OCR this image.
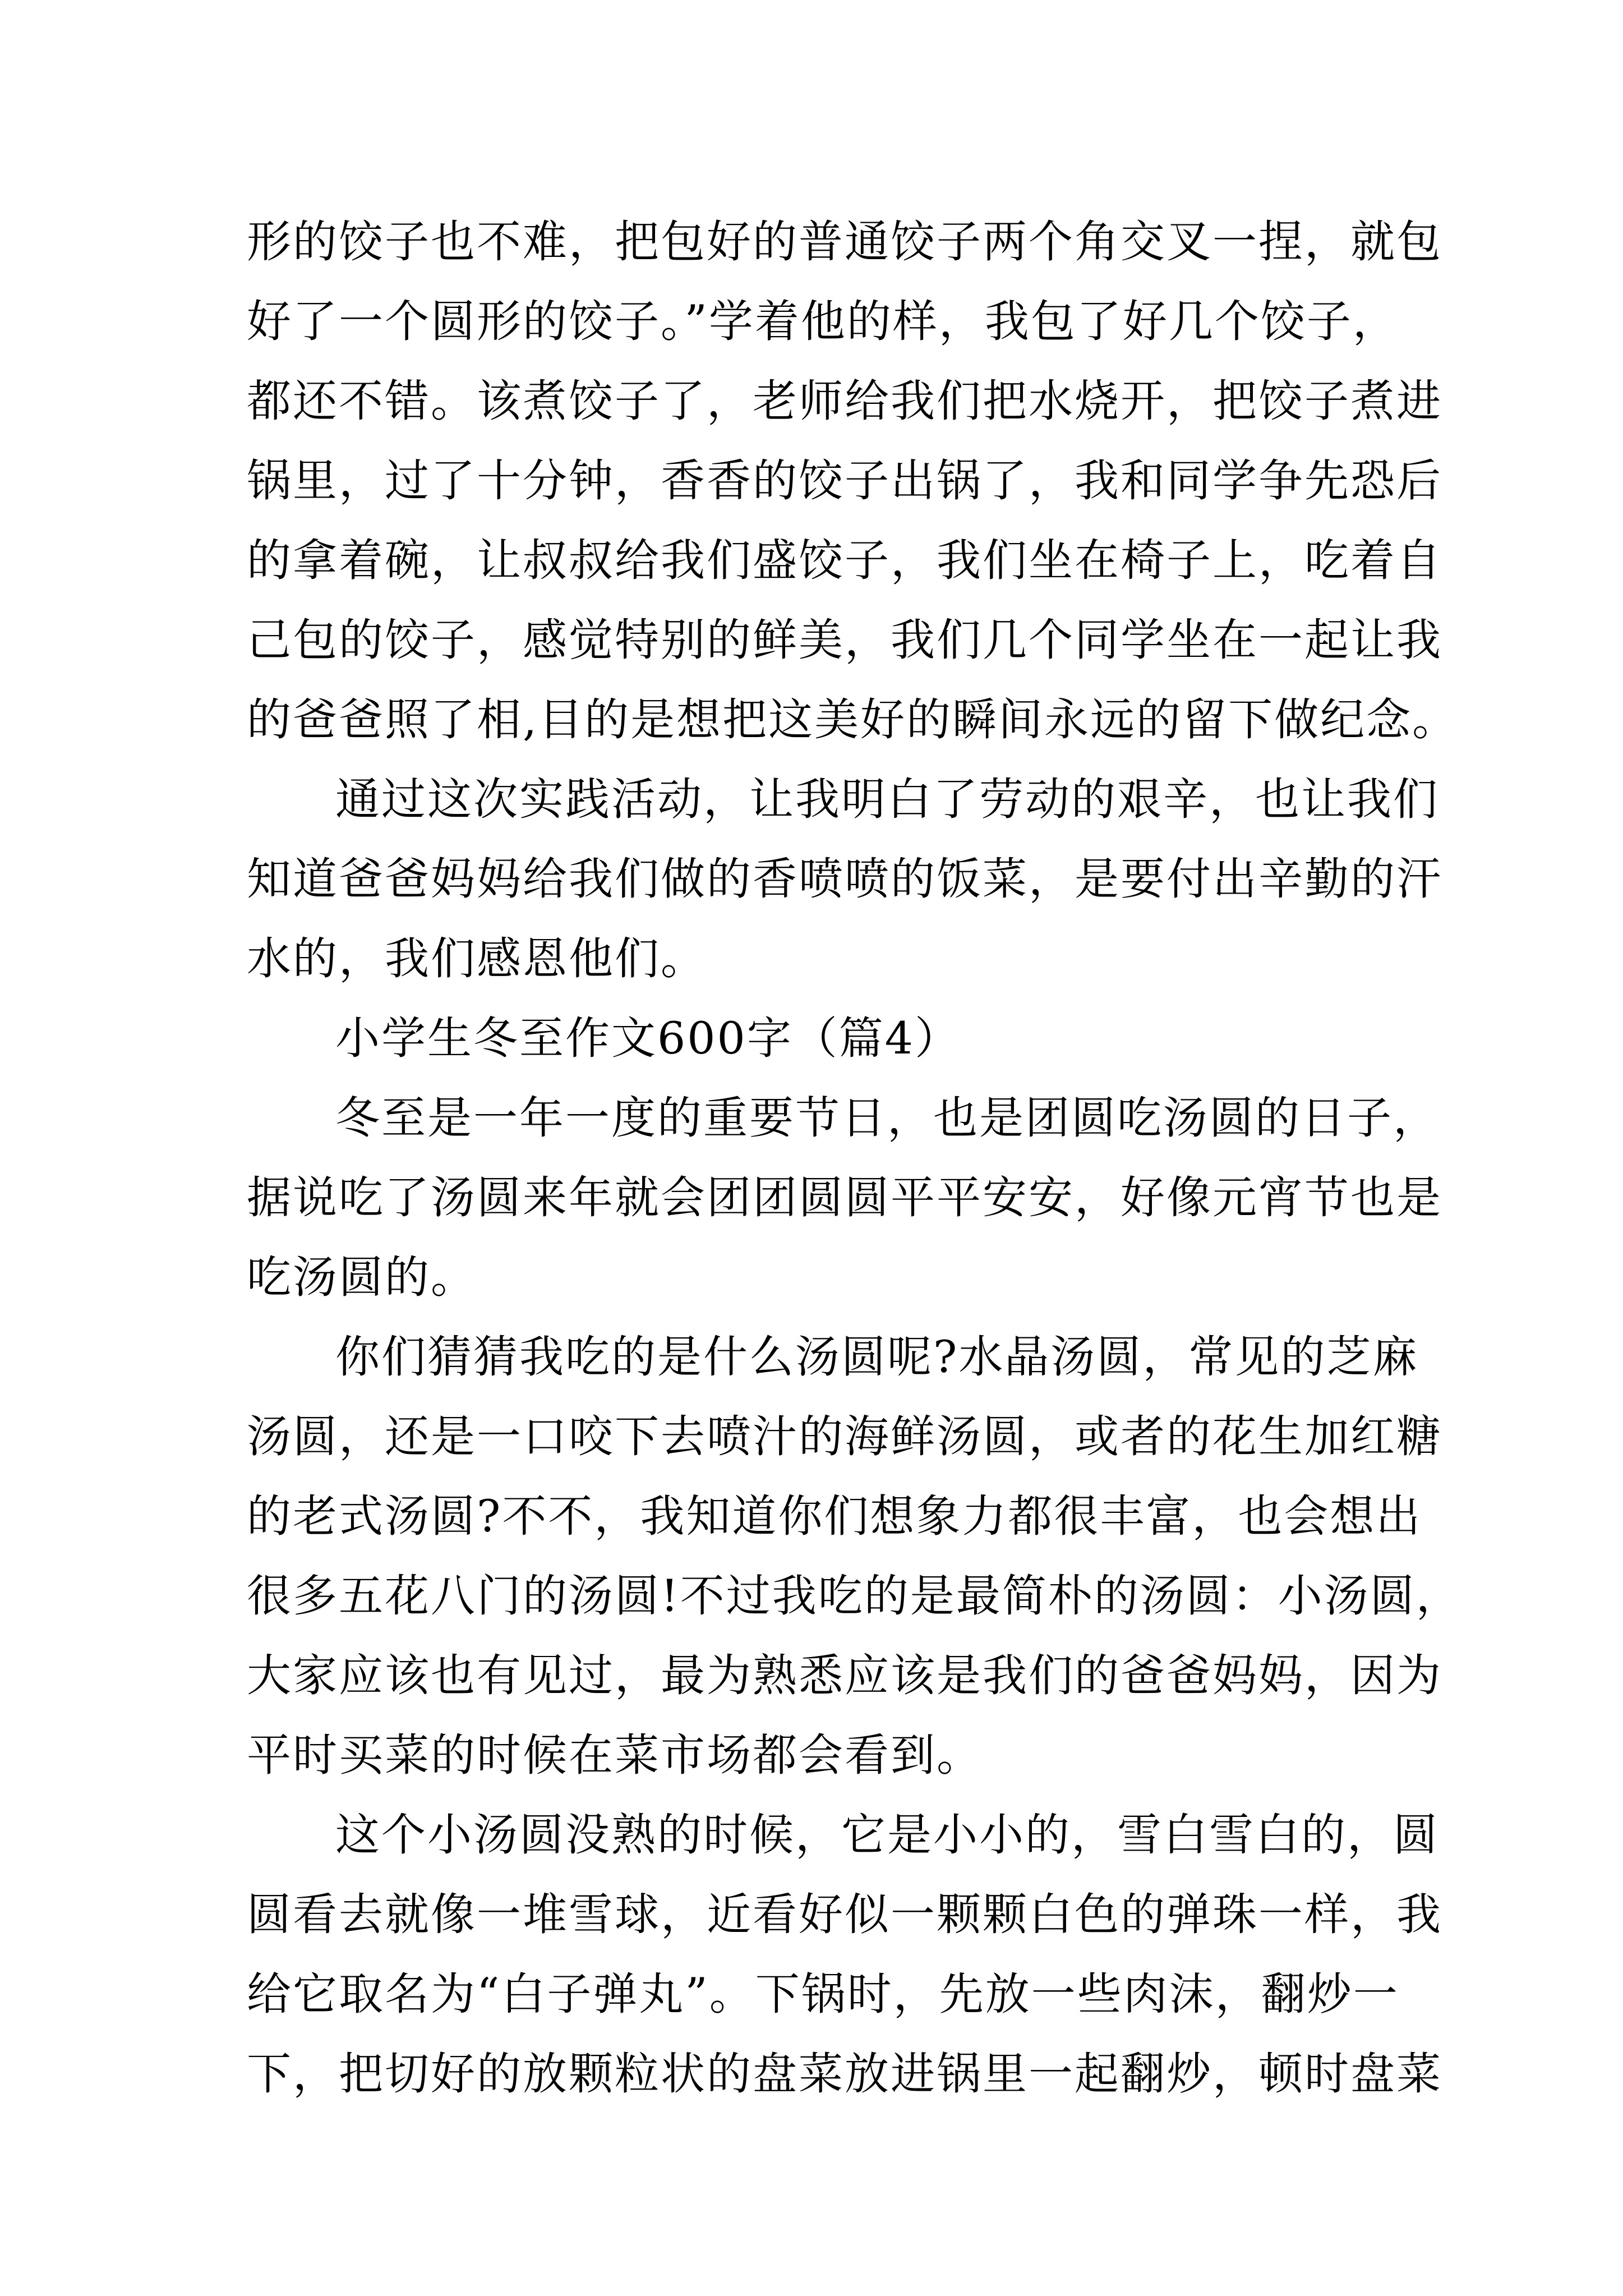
形的饺子也不难，把包好的普通饺子两个角交叉一捏，就包
好了一个圆形的饺子。”学着他的样，我包了好几个饺子，
都还不错。该煮饺子了，老师给我们把水烧开，把饺子煮进
锅里，过了十分钟，香香的饺子出锅了，我和同学争先恐后
的拿着碗，让叔叔给我们盛饺子，我们坐在椅子上，吃着自
己包的饺子，感觉特别的鲜美，我们几个同学坐在一起让我
的爸爸照了相,目的是想把这美好的瞬间永远的留下做纪念。
通过这次实践活动，让我明白了劳动的艰辛，也让我们
知道爸爸妈妈给我们做的香喷喷的饭菜，是要付出辛勤的汗
水的，我们感恩他们。
小学生冬至作文600字（篇4）
冬至是一年一度的重要节日，也是团圆吃汤圆的日子，
据说吃了汤圆来年就会团团圆圆平平安安，好像元宵节也是
吃汤圆的。
你们猜猜我吃的是什么汤圆呢?水晶汤圆，常见的芝麻
汤圆，还是一口咬下去喷汁的海鲜汤圆，或者的花生加红糖
的老式汤圆?不不，我知道你们想象力都很丰富，也会想出
很多五花八门的汤圆!不过我吃的是最简朴的汤圆：小汤圆，
大家应该也有见过，最为熟悉应该是我们的爸爸妈妈，因为
平时买菜的时候在菜市场都会看到。
这个小汤圆没熟的时候，它是小小的，雪白雪白的，圆
圆看去就像一堆雪球，近看好似一颗颗白色的弹珠一样，我
给它取名为“白子弹丸”。下锅时，先放一些肉沫，翻炒一
下，把切好的放颗粒状的盘菜放进锅里一起翻炒，顿时盘菜
